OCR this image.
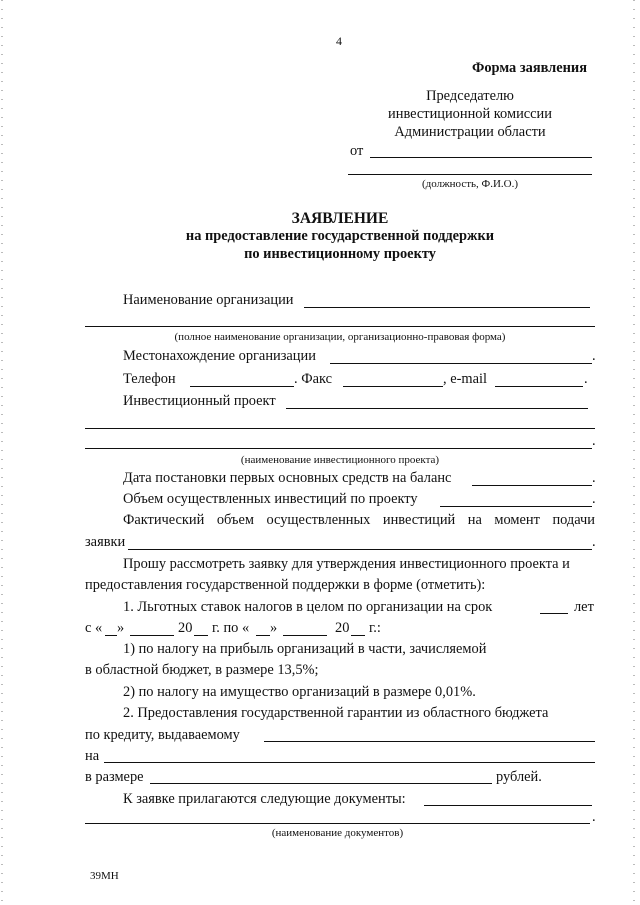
4
Форма заявления
Председателю
инвестиционной комиссии
Администрации области
от
(должность, Ф.И.О.)
ЗАЯВЛЕНИЕ
на предоставление государственной поддержки
по инвестиционному проекту
Наименование организации
(полное наименование организации, организационно-правовая форма)
Местонахождение организации	.
Телефон	. Факс	, e-mail	.
Инвестиционный проект
.
(наименование инвестиционного проекта)
Дата постановки первых основных средств на баланс	.
Объем осуществленных инвестиций по проекту	.
Фактический объем осуществленных инвестиций на момент подачи
заявки	.
Прошу рассмотреть заявку для утверждения инвестиционного проекта и
предоставления государственной поддержки в форме (отметить):
1. Льготных ставок налогов в целом по организации на срок	лет
с « »	20 г. по « »	20 г.:
1) по налогу на прибыль организаций в части, зачисляемой
в областной бюджет, в размере 13,5%;
2) по налогу на имущество организаций в размере 0,01%.
2. Предоставления государственной гарантии из областного бюджета
по кредиту, выдаваемому
на
в размере	рублей.
К заявке прилагаются следующие документы:
.
(наименование документов)
39МН
